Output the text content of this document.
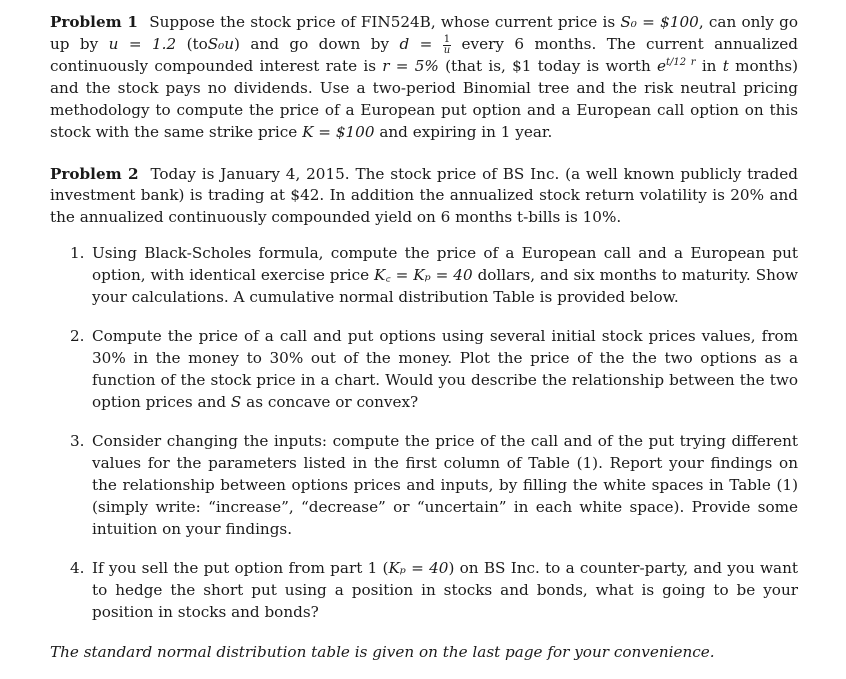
Problem 1 Suppose the stock price of FIN524B, whose current price is S₀ = $100, can only go up by u = 1.2 (toS₀u) and go down by $d = \frac{1}{u}$ every 6 months. The current annualized continuously compounded interest rate is r = 5% (that is, $1 today is worth $e^{t/12 r}$ in t months) and the stock pays no dividends. Use a two-period Binomial tree and the risk neutral pricing methodology to compute the price of a European put option and a European call option on this stock with the same strike price K = $100 and expiring in 1 year.

Problem 2 Today is January 4, 2015. The stock price of BS Inc. (a well known publicly traded investment bank) is trading at $42. In addition the annualized stock return volatility is 20% and the annualized continuously compounded yield on 6 months t-bills is 10%.

1. Using Black-Scholes formula, compute the price of a European call and a European put option, with identical exercise price K꜀ = Kₚ = 40 dollars, and six months to maturity. Show your calculations. A cumulative normal distribution Table is provided below.
2. Compute the price of a call and put options using several initial stock prices values, from 30% in the money to 30% out of the money. Plot the price of the the two options as a function of the stock price in a chart. Would you describe the relationship between the two option prices and S as concave or convex?
3. Consider changing the inputs: compute the price of the call and of the put trying different values for the parameters listed in the first column of Table (1). Report your findings on the relationship between options prices and inputs, by filling the white spaces in Table (1) (simply write: “increase”, “decrease” or “uncertain” in each white space). Provide some intuition on your findings.
4. If you sell the put option from part 1 (Kₚ = 40) on BS Inc. to a counter-party, and you want to hedge the short put using a position in stocks and bonds, what is going to be your position in stocks and bonds?

The standard normal distribution table is given on the last page for your convenience.
